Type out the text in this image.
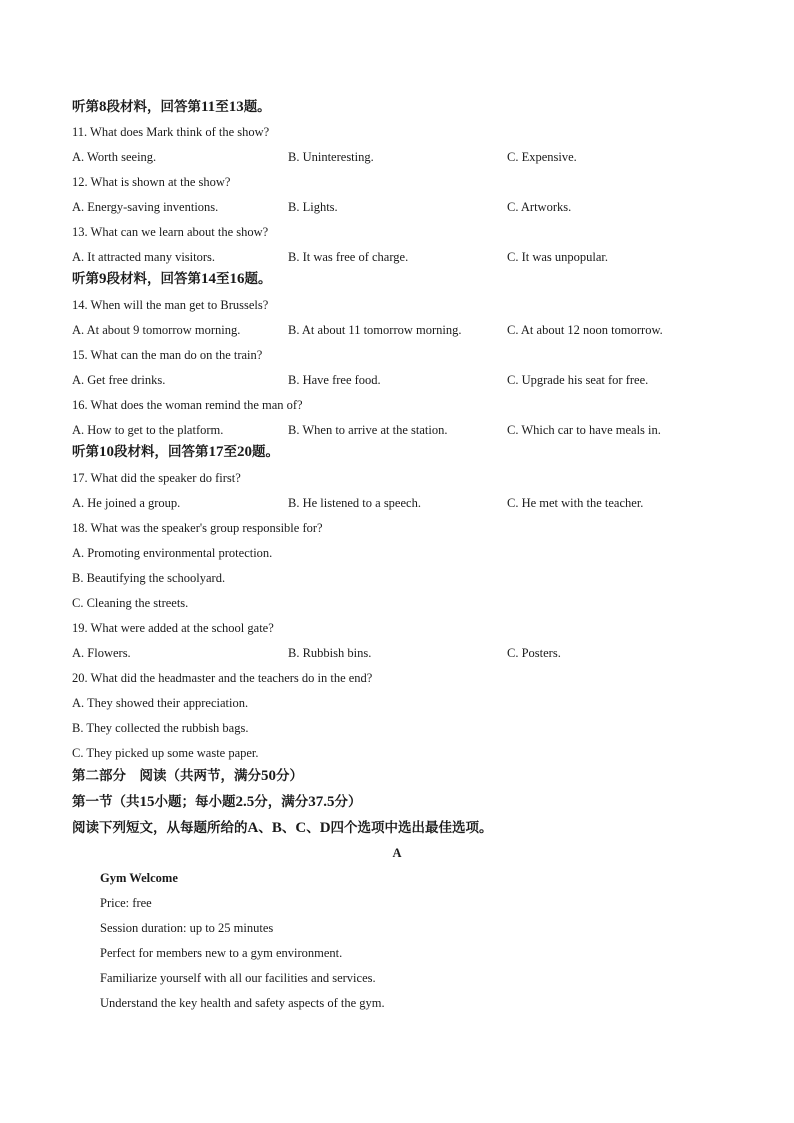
听第8段材料，回答第11至13题。
11. What does Mark think of the show?
A. Worth seeing.	B. Uninteresting.	C. Expensive.
12. What is shown at the show?
A. Energy-saving inventions.	B. Lights.	C. Artworks.
13. What can we learn about the show?
A. It attracted many visitors.	B. It was free of charge.	C. It was unpopular.
听第9段材料，回答第14至16题。
14. When will the man get to Brussels?
A. At about 9 tomorrow morning.	B. At about 11 tomorrow morning.	C. At about 12 noon tomorrow.
15. What can the man do on the train?
A. Get free drinks.	B. Have free food.	C. Upgrade his seat for free.
16. What does the woman remind the man of?
A. How to get to the platform.	B. When to arrive at the station.	C. Which car to have meals in.
听第10段材料，回答第17至20题。
17. What did the speaker do first?
A. He joined a group.	B. He listened to a speech.	C. He met with the teacher.
18. What was the speaker's group responsible for?
A. Promoting environmental protection.
B. Beautifying the schoolyard.
C. Cleaning the streets.
19. What were added at the school gate?
A. Flowers.	B. Rubbish bins.	C. Posters.
20. What did the headmaster and the teachers do in the end?
A. They showed their appreciation.
B. They collected the rubbish bags.
C. They picked up some waste paper.
第二部分　阅读（共两节，满分50分）
第一节（共15小题；每小题2.5分，满分37.5分）
阅读下列短文，从每题所给的A、B、C、D四个选项中选出最佳选项。
A
Gym Welcome
Price: free
Session duration: up to 25 minutes
Perfect for members new to a gym environment.
Familiarize yourself with all our facilities and services.
Understand the key health and safety aspects of the gym.
